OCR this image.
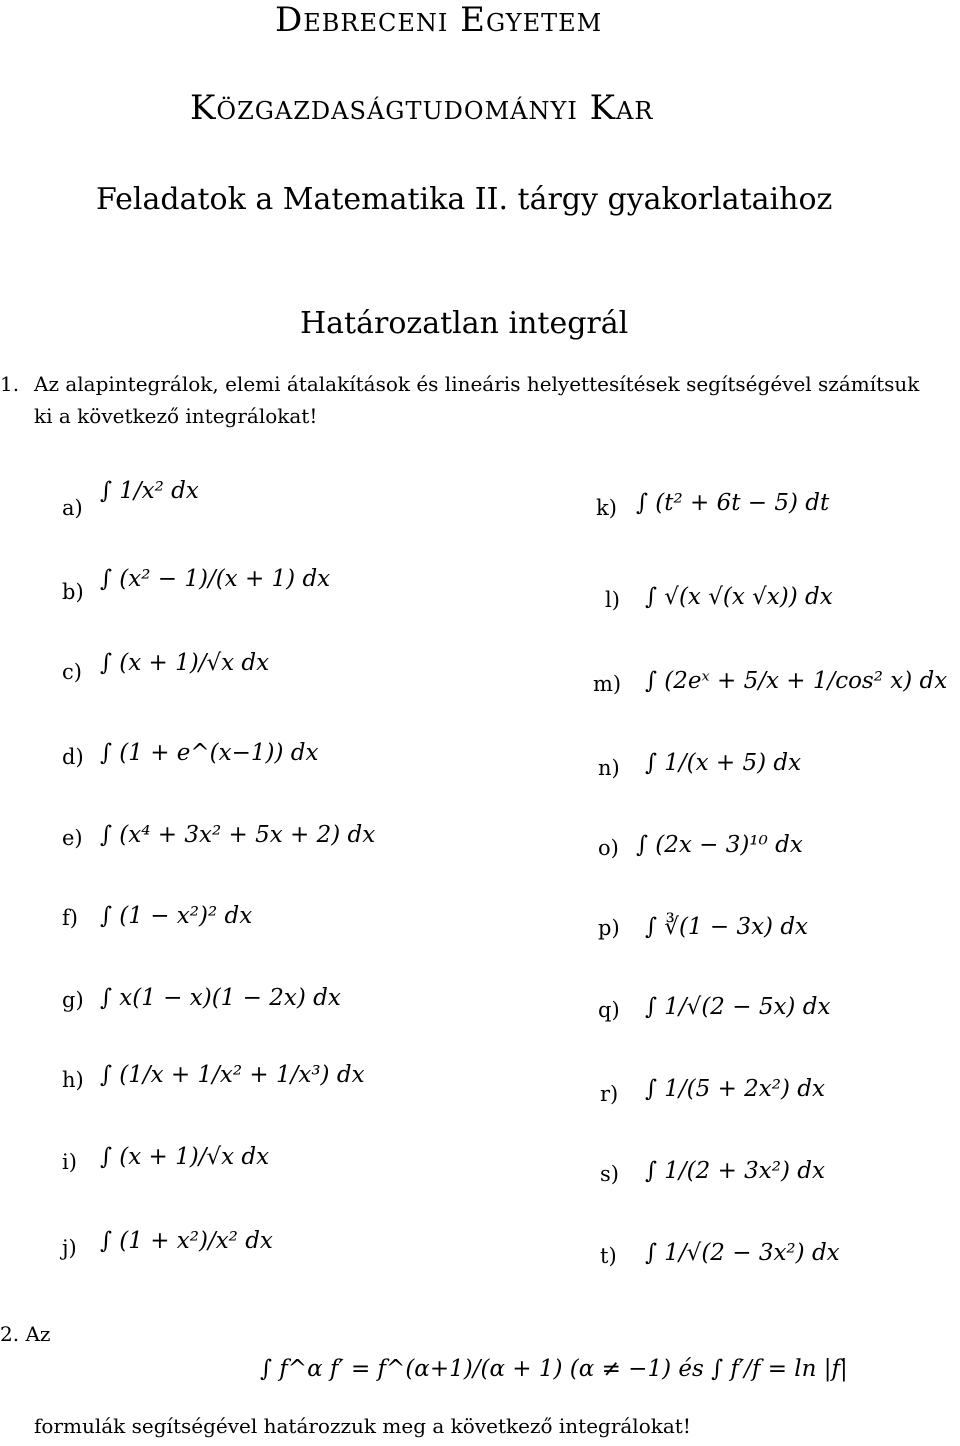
Debreceni Egyetem
Közgazdaságtudományi Kar
Feladatok a Matematika II. tárgy gyakorlataihoz
Határozatlan integrál
1. Az alapintegrálok, elemi átalakítások és lineáris helyettesítések segítségével számítsuk
ki a következő integrálokat!
a)
∫ 1/x² dx
b) ∫ (x² − 1)/(x + 1) dx
c) ∫ (x + 1)/√x dx
d) ∫ (1 + e^(x−1)) dx
e) ∫ (x⁴ + 3x² + 5x + 2) dx
f) ∫ (1 − x²)² dx
g) ∫ x(1 − x)(1 − 2x) dx
h) ∫ (1/x + 1/x² + 1/x³) dx
i) ∫ (x + 1)/√x dx
j) ∫ (1 + x²)/x² dx
k) ∫ (t² + 6t − 5) dt
l) ∫ √(x √(x √x)) dx
m) ∫ (2eˣ + 5/x + 1/cos² x) dx
n) ∫ 1/(x + 5) dx
o) ∫ (2x − 3)¹⁰ dx
p) ∫ ∛(1 − 3x) dx
q) ∫ 1/√(2 − 5x) dx
r) ∫ 1/(5 + 2x²) dx
s) ∫ 1/(2 + 3x²) dx
t) ∫ 1/√(2 − 3x²) dx
2. Az
∫ f^α f′ = f^(α+1)/(α + 1) (α ≠ −1) és ∫ f′/f = ln |f|
formulák segítségével határozzuk meg a következő integrálokat!
